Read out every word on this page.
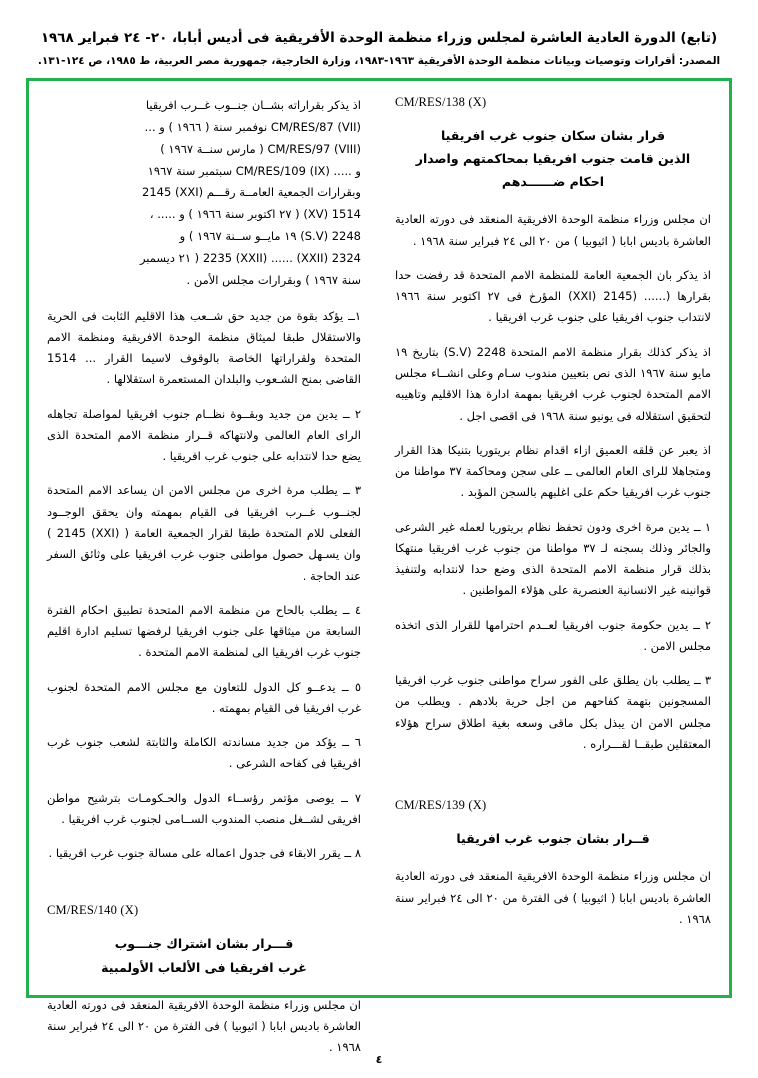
(تابع) الدورة العادية العاشرة لمجلس وزراء منظمة الوحدة الأفريقية فى أديس أبابا، ٢٠- ٢٤ فبراير ١٩٦٨
المصدر: أقرارات وتوصيات وبيانات منظمة الوحدة الأفريقية ١٩٦٣-١٩٨٣، وزارة الخارجية، جمهورية مصر العربية، ط ١٩٨٥، ص ١٢٤-١٣١.
CM/RES/138 (X)
قرار بشان سكان جنوب غرب افريقيا
الذين قامت جنوب افريقيا بمحاكمتهم واصدار
احكام ضــــــدهم
ان مجلس وزراء منظمة الوحدة الافريقية المنعقد فى دورته العادية العاشرة باديس ابابا ( اثيوبيا ) من ٢٠ الى ٢٤ فبراير سنة ١٩٦٨ .
اذ يذكر بان الجمعية العامة للمنظمة الامم المتحدة قد رفضت حدا بقرارها (...... (2145 (XXI) المؤرخ فى ٢٧ اكتوبر سنة ١٩٦٦ لانتداب جنوب افريقيا على جنوب غرب افريقيا .
اذ يذكر كذلك بقرار منظمة الامم المتحدة 2248 (S.V) بتاريخ ١٩ مايو سنة ١٩٦٧ الذى نص بتعيين مندوب سـام وعلى انشــاء مجلس الامم المتحدة لجنوب غرب افريقيا بمهمة ادارة هذا الاقليم وتاهيبه لتحقيق استقلاله فى يونيو سنة ١٩٦٨ فى اقصى اجل .
اذ يعبر عن قلقه العميق ازاء اقدام نظام بريتوريا بتنيكا هذا القرار ومتجاهلا للراى العام العالمى ــ على سجن ومحاكمة ٣٧ مواطنا من جنوب غرب افريقيا حكم على اغلبهم بالسجن المؤبد .
١ ــ يدين مرة اخرى ودون تحفظ نظام بريتوريا لعمله غير الشرعى والجائر وذلك بسجنه لـ ٣٧ مواطنا من جنوب غرب افريقيا منتهكا بذلك قرار منظمة الامم المتحدة الذى وضع حدا لانتدابه ولتنفيذ قوانينه غير الانسانية العنصرية على هؤلاء المواطنين .
٢ ــ يدين حكومة جنوب افريقيا لعــدم احترامها للقرار الذى اتخذه مجلس الامن .
٣ ــ يطلب بان يطلق على الفور سراح مواطنى جنوب غرب افريقيا المسجونين بتهمة كفاحهم من اجل حرية بلادهم . ويطلب من مجلس الامن ان يبذل بكل ماقى وسعه بغية اطلاق سراح هؤلاء المعتقلين طبقــا لقـــراره .
CM/RES/139 (X)
قــرار بشان جنوب غرب افريقيا
ان مجلس وزراء منظمة الوحدة الافريقية المنعقد فى دورته العادية العاشرة باديس ابابا ( اثيوبيا ) فى الفترة من ٢٠ الى ٢٤ فبراير سنة ١٩٦٨ .
اذ يذكر بقراراته بشــان جنــوب غــرب افريقيا
CM/RES/87 (VII) نوفمبر سنة ( ١٩٦٦ ) و ...
CM/RES/97 (VIII) ( مارس سنــة ١٩٦٧ )
و ..... (CM/RES/109 (IX سبتمبر سنة ١٩٦٧
وبقرارات الجمعية العامــة رقـــم (XXI) 2145
1514 (XV) ( ٢٧ اكتوبر سنة ١٩٦٦ ) و ..... ،
2248 (S.V) ١٩ مايــو ســنة ١٩٦٧ ) و
2324 (XXII) ...... (XXII) 2235 ( ٢١ ديسمبر
سنة ١٩٦٧ ) وبقرارات مجلس الأمن .
١ــ يؤكد بقوة من جديد حق شــعب هذا الاقليم الثابت فى الحرية والاستقلال طبقا لميثاق منظمة الوحدة الافريقية ومنظمة الامم المتحدة ولقراراتها الخاصة بالوقوف لاسيما القرار ... 1514 القاضى بمنح الشـعوب والبلدان المستعمرة استقلالها .
٢ ــ يدين من جديد وبقــوة نظــام جنوب افريقيا لمواصلة تجاهله الراى العام العالمى ولانتهاكه قــرار منظمة الامم المتحدة الذى يضع حدا لانتدابه على جنوب غرب افريقيا .
٣ ــ يطلب مرة اخرى من مجلس الامن ان يساعد الامم المتحدة لجنــوب غــرب افريقيا فى القيام بمهمته وان يحقق الوجــود الفعلى للام المتحدة طبقا لقرار الجمعية العامة ( (XXI) 2145 ) وان يسـهل حصول مواطنى جنوب غرب افريقيا على وثائق السفر عند الحاجة .
٤ ــ يطلب بالحاح من منظمة الامم المتحدة تطبيق احكام الفترة السابعة من ميثاقها على جنوب افريقيا لرفضها تسليم ادارة اقليم جنوب غرب افريقيا الى لمنظمة الامم المتحدة .
٥ ــ يدعــو كل الدول للتعاون مع مجلس الامم المتحدة لجنوب غرب افريقيا فى القيام بمهمته .
٦ ــ يؤكد من جديد مساندته الكاملة والثابتة لشعب جنوب غرب افريقيا فى كفاحه الشرعى .
٧ ــ يوصى مؤتمر رؤســاء الدول والحـكومـات بترشيح مواطن افريقى لشــغل منصب المندوب الســامى لجنوب غرب افريقيا .
٨ ــ يقرر الابقاء فى جدول اعماله على مسالة جنوب غرب افريقيا .
CM/RES/140 (X)
قـــرار بشان اشتراك جنـــوب
غرب افريقيا فى الألعاب الأولمبية
ان مجلس وزراء منظمة الوحدة الافريقية المنعقد فى دورته العادية العاشرة باديس ابابا ( اثيوبيا ) فى الفترة من ٢٠ الى ٢٤ فبراير سنة ١٩٦٨ .
٤
